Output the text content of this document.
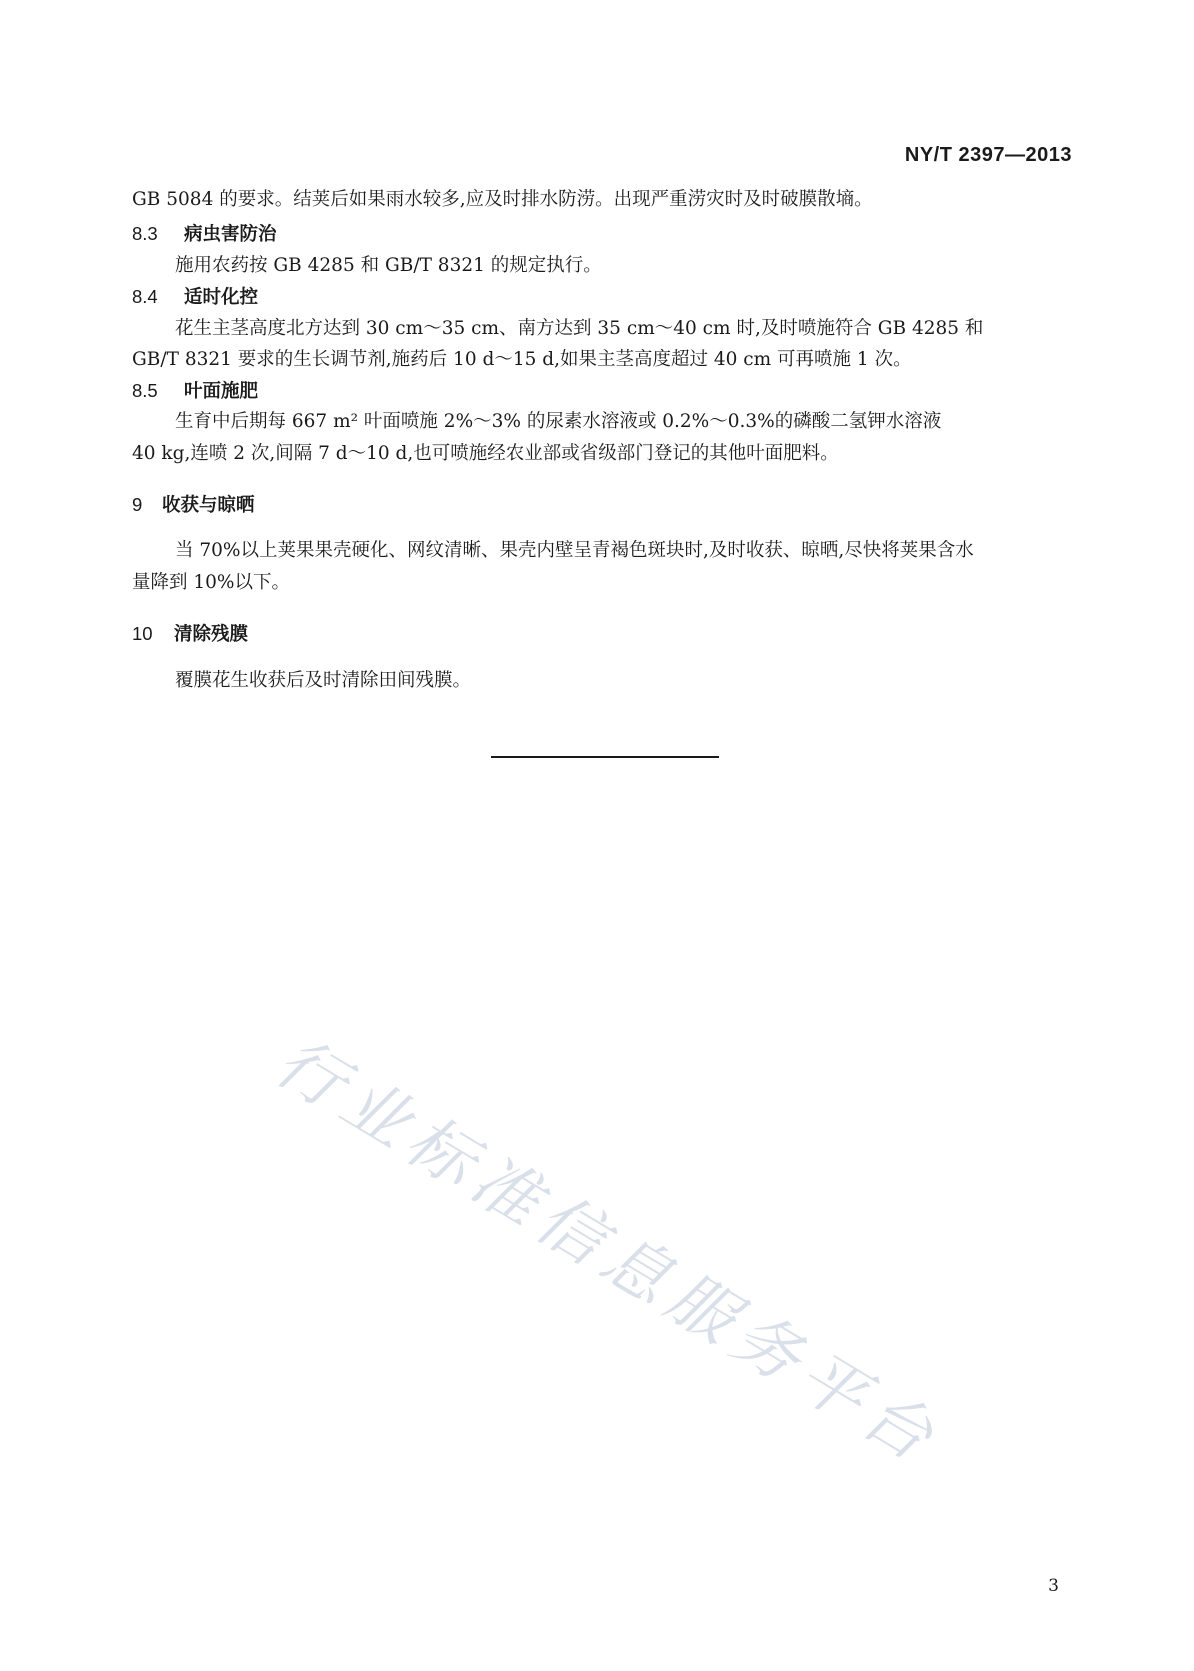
NY/T 2397—2013
GB 5084 的要求。结荚后如果雨水较多,应及时排水防涝。出现严重涝灾时及时破膜散墒。
8.3 病虫害防治
施用农药按 GB 4285 和 GB/T 8321 的规定执行。
8.4 适时化控
花生主茎高度北方达到 30 cm～35 cm、南方达到 35 cm～40 cm 时,及时喷施符合 GB 4285 和
GB/T 8321 要求的生长调节剂,施药后 10 d～15 d,如果主茎高度超过 40 cm 可再喷施 1 次。
8.5 叶面施肥
生育中后期每 667 m² 叶面喷施 2%～3% 的尿素水溶液或 0.2%～0.3%的磷酸二氢钾水溶液
40 kg,连喷 2 次,间隔 7 d～10 d,也可喷施经农业部或省级部门登记的其他叶面肥料。
9 收获与晾晒
当 70%以上荚果果壳硬化、网纹清晰、果壳内壁呈青褐色斑块时,及时收获、晾晒,尽快将荚果含水
量降到 10%以下。
10 清除残膜
覆膜花生收获后及时清除田间残膜。
行业标准信息服务平台
3
